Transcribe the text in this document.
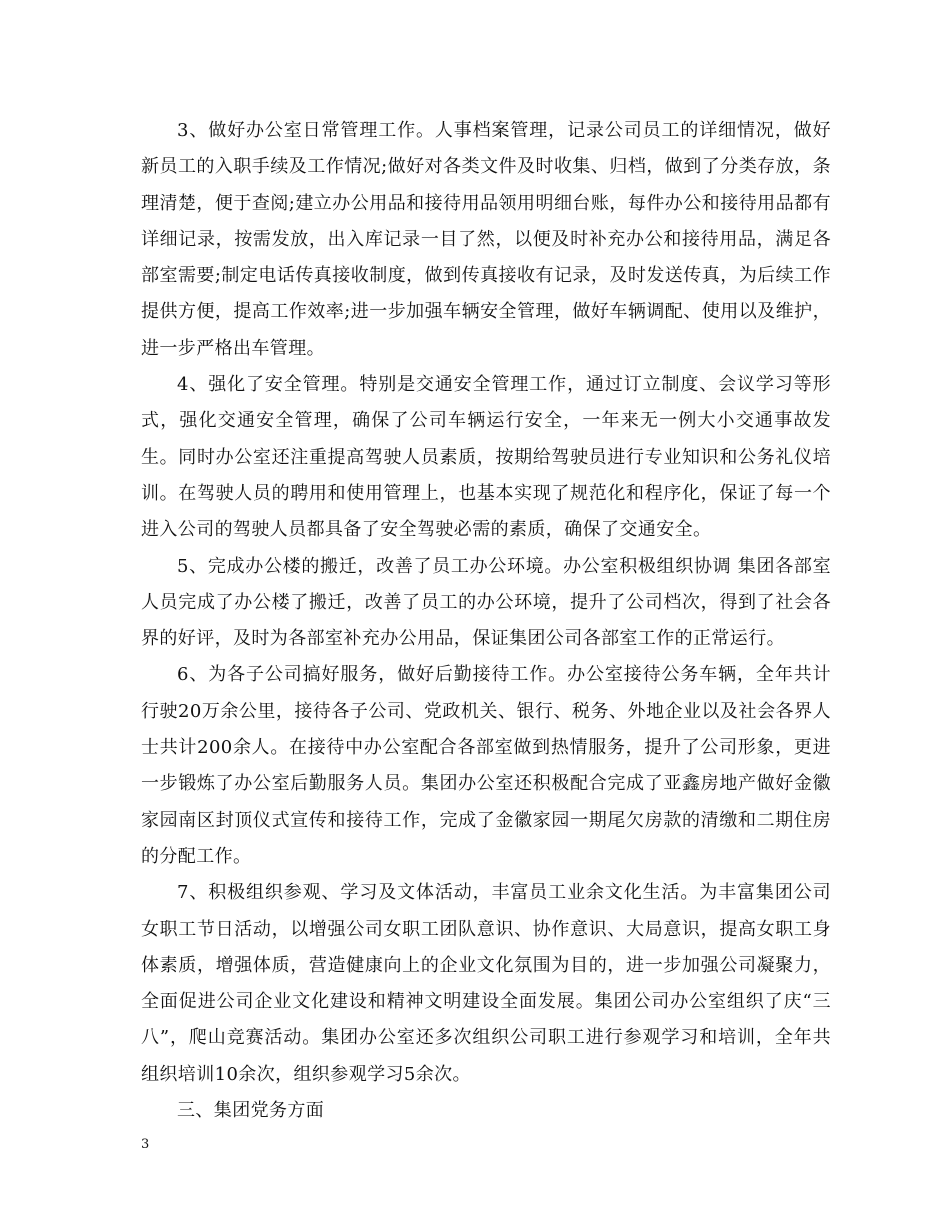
3、做好办公室日常管理工作。人事档案管理，记录公司员工的详细情况，做好新员工的入职手续及工作情况;做好对各类文件及时收集、归档，做到了分类存放，条理清楚，便于查阅;建立办公用品和接待用品领用明细台账，每件办公和接待用品都有详细记录，按需发放，出入库记录一目了然，以便及时补充办公和接待用品，满足各部室需要;制定电话传真接收制度，做到传真接收有记录，及时发送传真，为后续工作提供方便，提高工作效率;进一步加强车辆安全管理，做好车辆调配、使用以及维护，进一步严格出车管理。

4、强化了安全管理。特别是交通安全管理工作，通过订立制度、会议学习等形式，强化交通安全管理，确保了公司车辆运行安全，一年来无一例大小交通事故发生。同时办公室还注重提高驾驶人员素质，按期给驾驶员进行专业知识和公务礼仪培训。在驾驶人员的聘用和使用管理上，也基本实现了规范化和程序化，保证了每一个进入公司的驾驶人员都具备了安全驾驶必需的素质，确保了交通安全。

5、完成办公楼的搬迁，改善了员工办公环境。办公室积极组织协调 集团各部室人员完成了办公楼了搬迁，改善了员工的办公环境，提升了公司档次，得到了社会各界的好评，及时为各部室补充办公用品，保证集团公司各部室工作的正常运行。

6、为各子公司搞好服务，做好后勤接待工作。办公室接待公务车辆，全年共计行驶20万余公里，接待各子公司、党政机关、银行、税务、外地企业以及社会各界人士共计200余人。在接待中办公室配合各部室做到热情服务，提升了公司形象，更进一步锻炼了办公室后勤服务人员。集团办公室还积极配合完成了亚鑫房地产做好金徽家园南区封顶仪式宣传和接待工作，完成了金徽家园一期尾欠房款的清缴和二期住房的分配工作。

7、积极组织参观、学习及文体活动，丰富员工业余文化生活。为丰富集团公司女职工节日活动，以增强公司女职工团队意识、协作意识、大局意识，提高女职工身体素质，增强体质，营造健康向上的企业文化氛围为目的，进一步加强公司凝聚力，全面促进公司企业文化建设和精神文明建设全面发展。集团公司办公室组织了庆“三八”，爬山竞赛活动。集团办公室还多次组织公司职工进行参观学习和培训，全年共组织培训10余次，组织参观学习5余次。

三、集团党务方面

3
